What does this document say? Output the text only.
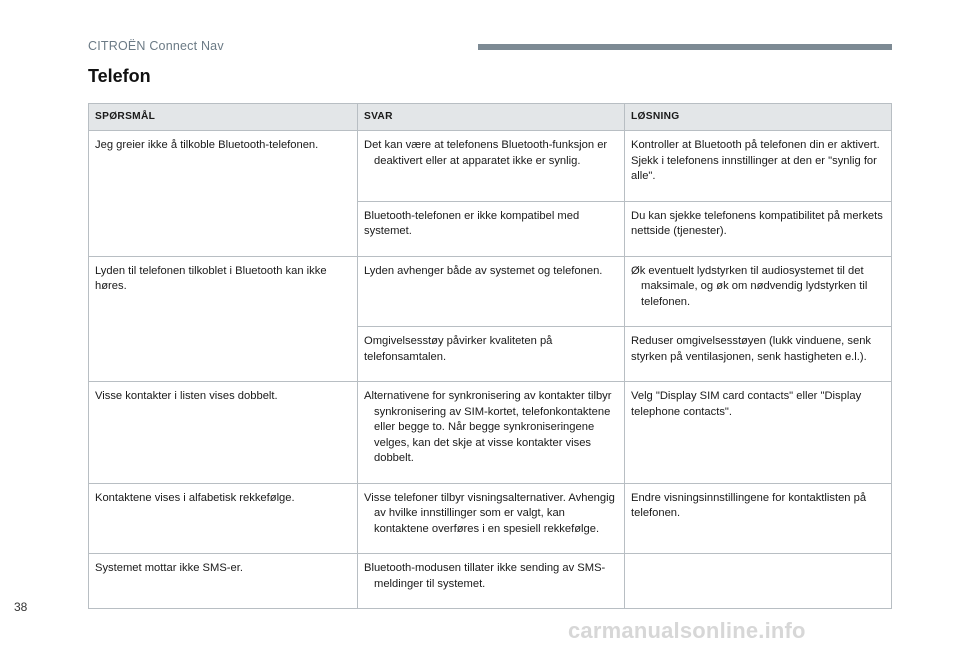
CITROËN Connect Nav
Telefon
SPØRSMÅL	SVAR	LØSNING
Jeg greier ikke å tilkoble Bluetooth-telefonen.	Det kan være at telefonens Bluetooth-funksjon er deaktivert eller at apparatet ikke er synlig.	Kontroller at Bluetooth på telefonen din er aktivert.
Sjekk i telefonens innstillinger at den er "synlig for alle".
	Bluetooth-telefonen er ikke kompatibel med systemet.	Du kan sjekke telefonens kompatibilitet på merkets nettside (tjenester).
Lyden til telefonen tilkoblet i Bluetooth kan ikke høres.	Lyden avhenger både av systemet og telefonen.	Øk eventuelt lydstyrken til audiosystemet til det maksimale, og øk om nødvendig lydstyrken til telefonen.

	Omgivelsesstøy påvirker kvaliteten på telefonsamtalen.	Reduser omgivelsesstøyen (lukk vinduene, senk styrken på ventilasjonen, senk hastigheten e.l.).
Visse kontakter i listen vises dobbelt.	Alternativene for synkronisering av kontakter tilbyr synkronisering av SIM-kortet, telefonkontaktene eller begge to. Når begge synkroniseringene velges, kan det skje at visse kontakter vises dobbelt.	Velg "Display SIM card contacts" eller "Display telephone contacts".
Kontaktene vises i alfabetisk rekkefølge.	Visse telefoner tilbyr visningsalternativer. Avhengig av hvilke innstillinger som er valgt, kan kontaktene overføres i en spesiell rekkefølge.	Endre visningsinnstillingene for kontaktlisten på telefonen.
Systemet mottar ikke SMS-er.	Bluetooth-modusen tillater ikke sending av SMS-meldinger til systemet.	

38
carmanualsonline.info
